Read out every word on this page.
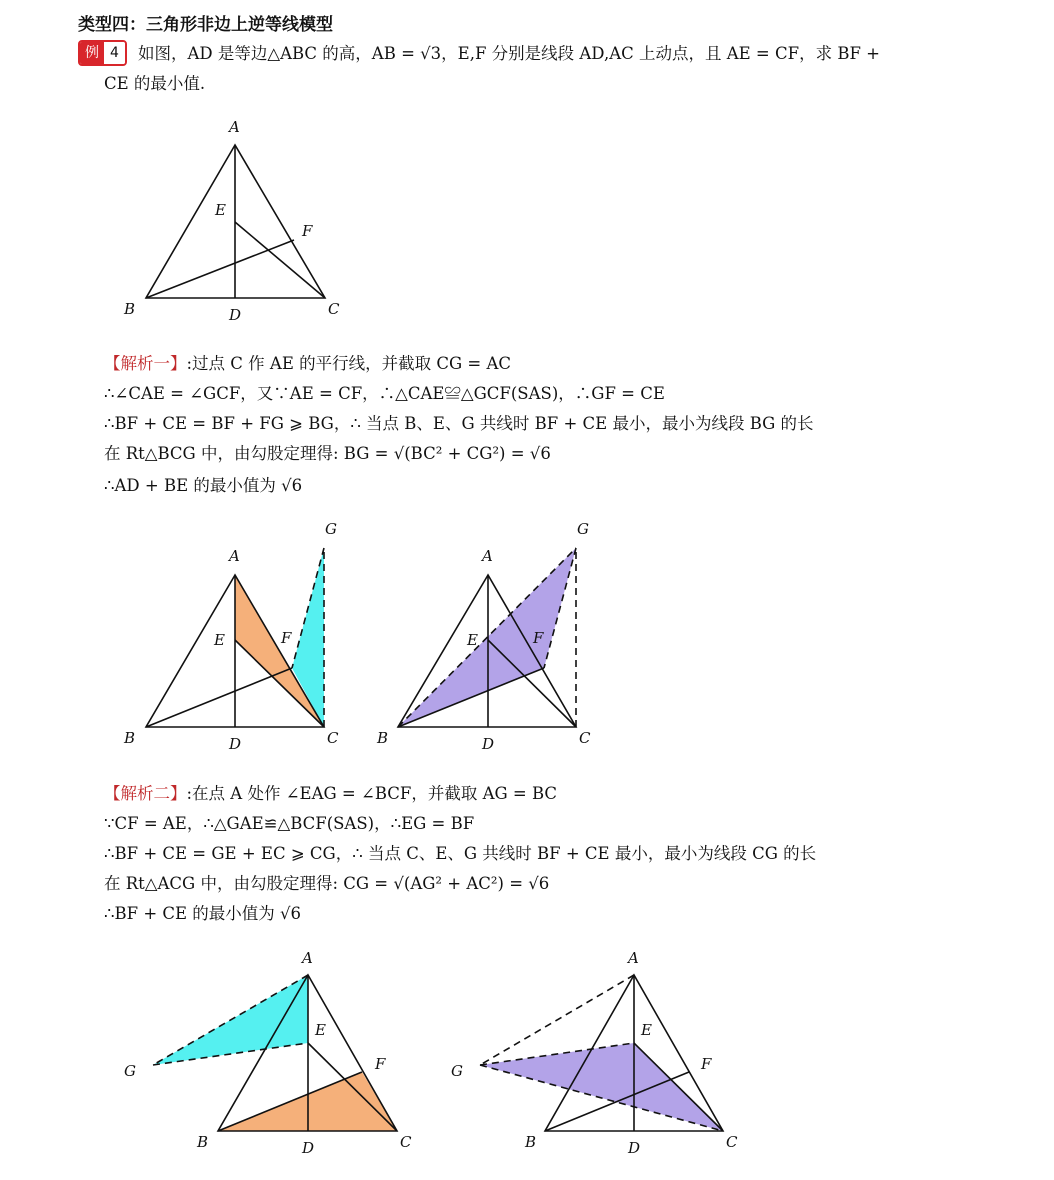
类型四：三角形非边上逆等线模型
例 4	如图，AD 是等边△ABC 的高，AB = √3，E,F 分别是线段 AD,AC 上动点，且 AE = CF，求 BF +
CE 的最小值.
【解析一】:过点 C 作 AE 的平行线，并截取 CG = AC
∴∠CAE = ∠GCF，又∵AE = CF，∴△CAE≌△GCF(SAS)，∴GF = CE
∴BF + CE = BF + FG ⩾ BG，∴ 当点 B、E、G 共线时 BF + CE 最小，最小为线段 BG 的长
在 Rt△BCG 中，由勾股定理得: BG = √(BC² + CG²) = √6
∴AD + BE 的最小值为 √6
【解析二】:在点 A 处作 ∠EAG = ∠BCF，并截取 AG = BC
∵CF = AE，∴△GAE≌△BCF(SAS)，∴EG = BF
∴BF + CE = GE + EC ⩾ CG，∴ 当点 C、E、G 共线时 BF + CE 最小，最小为线段 CG 的长
在 Rt△ACG 中，由勾股定理得: CG = √(AG² + AC²) = √6
∴BF + CE 的最小值为 √6
A
B	C
D
E
F
A
B	C
D
E	F
G
A
B	C
D
E	F
G
A
B	C
D
E
F
G
A
B	C
D
E
F
G
